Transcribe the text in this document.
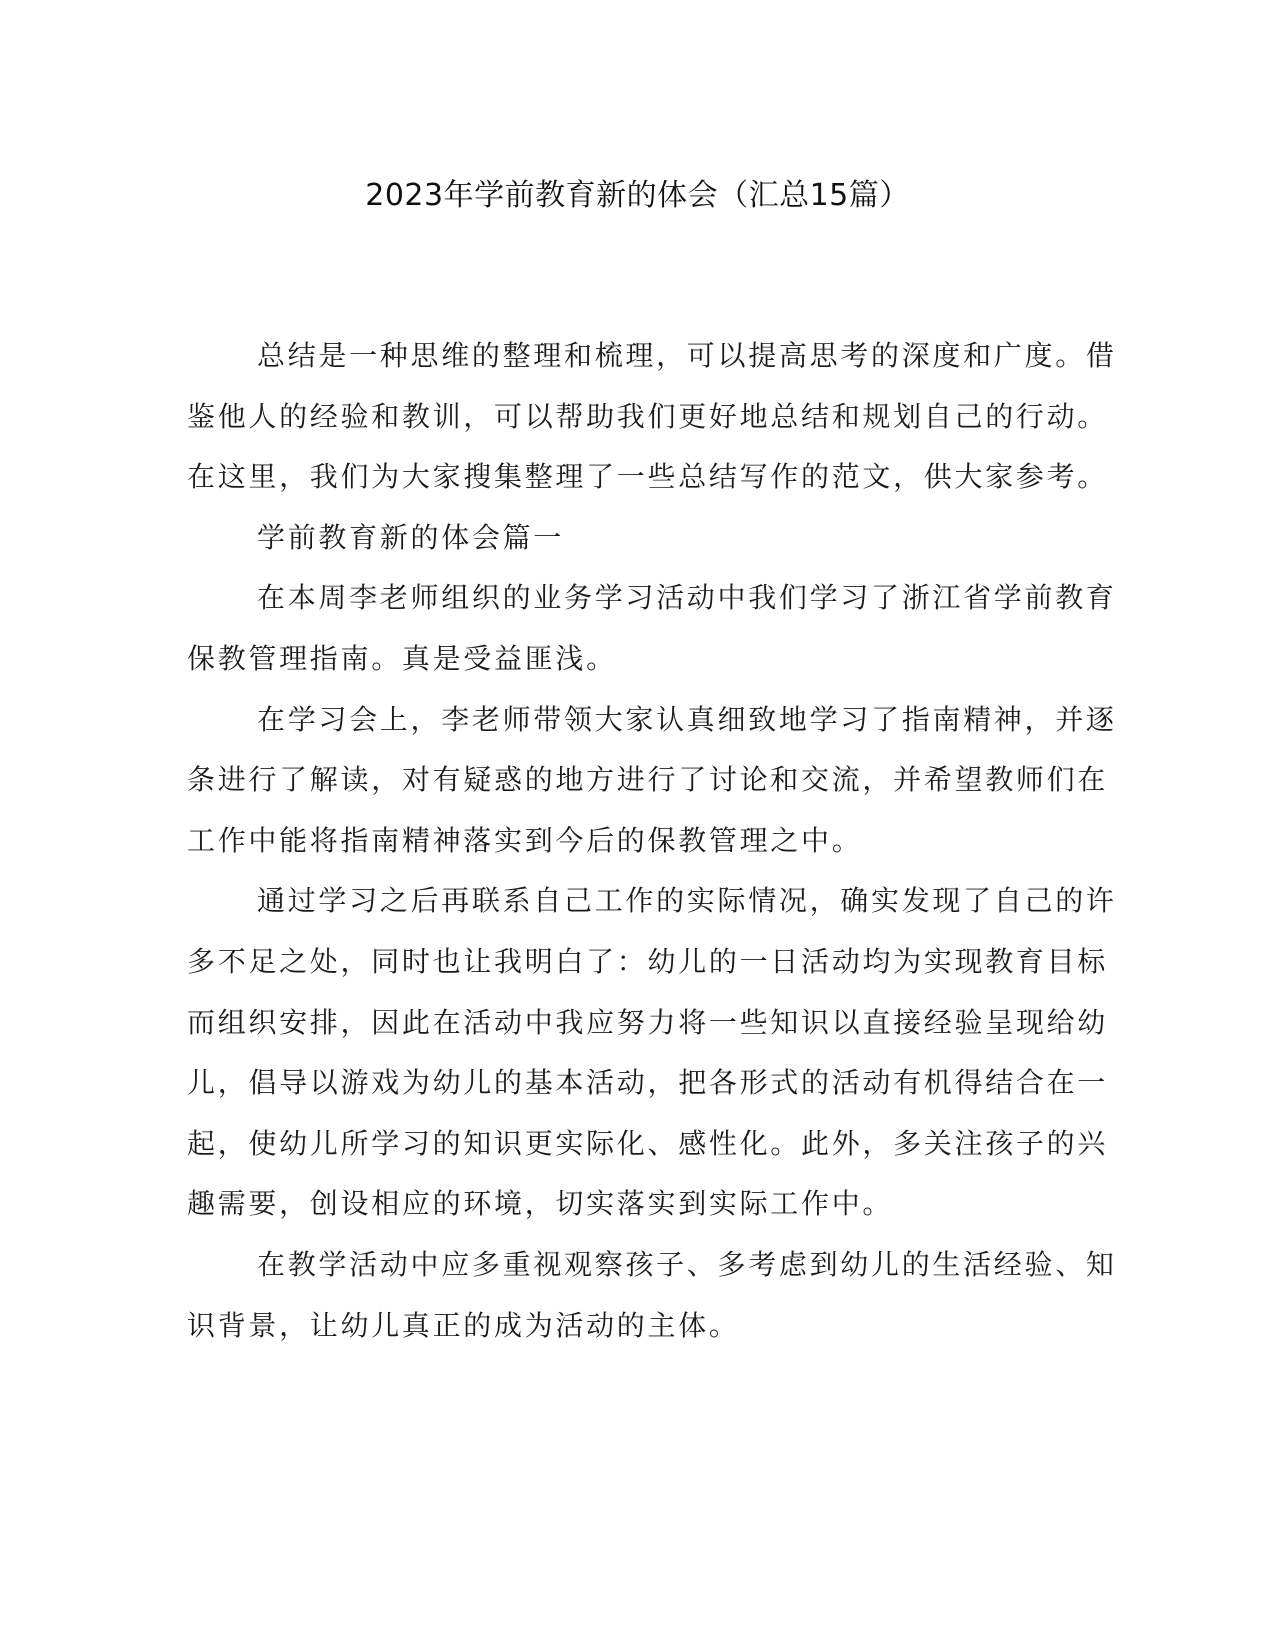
2023年学前教育新的体会（汇总15篇）
总结是一种思维的整理和梳理，可以提高思考的深度和广度。借
鉴他人的经验和教训，可以帮助我们更好地总结和规划自己的行动。
在这里，我们为大家搜集整理了一些总结写作的范文，供大家参考。
学前教育新的体会篇一
在本周李老师组织的业务学习活动中我们学习了浙江省学前教育
保教管理指南。真是受益匪浅。
在学习会上，李老师带领大家认真细致地学习了指南精神，并逐
条进行了解读，对有疑惑的地方进行了讨论和交流，并希望教师们在
工作中能将指南精神落实到今后的保教管理之中。
通过学习之后再联系自己工作的实际情况，确实发现了自己的许
多不足之处，同时也让我明白了：幼儿的一日活动均为实现教育目标
而组织安排，因此在活动中我应努力将一些知识以直接经验呈现给幼
儿，倡导以游戏为幼儿的基本活动，把各形式的活动有机得结合在一
起，使幼儿所学习的知识更实际化、感性化。此外，多关注孩子的兴
趣需要，创设相应的环境，切实落实到实际工作中。
在教学活动中应多重视观察孩子、多考虑到幼儿的生活经验、知
识背景，让幼儿真正的成为活动的主体。
